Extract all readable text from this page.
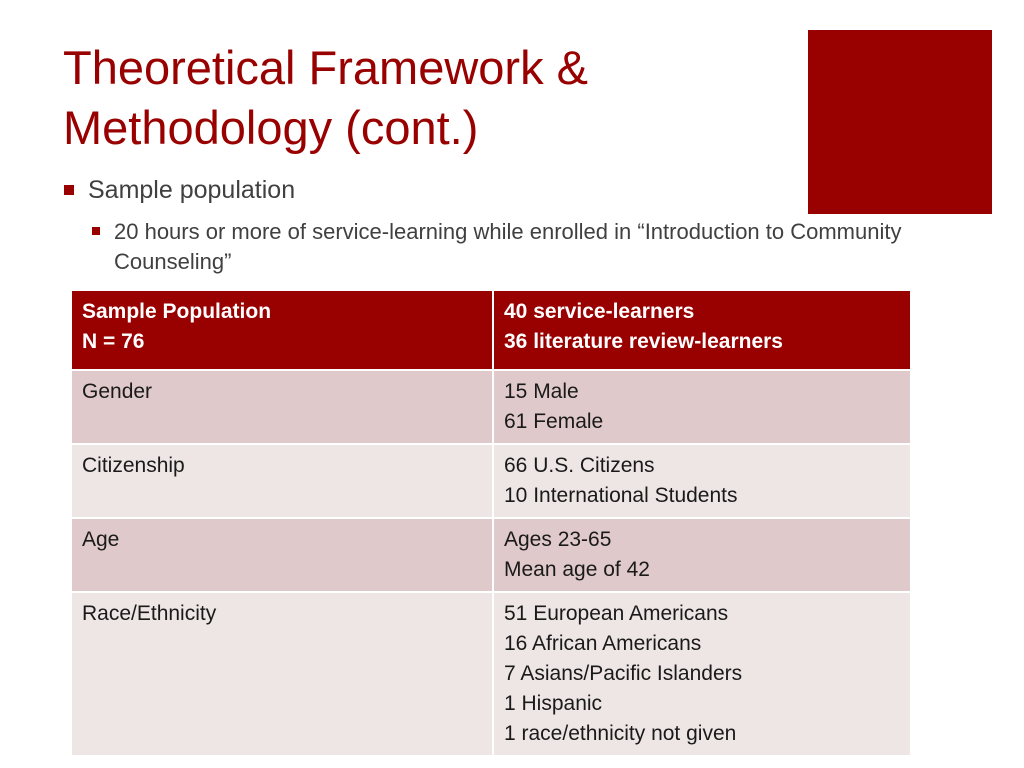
Theoretical Framework &
Methodology (cont.)
Sample population
20 hours or more of service-learning while enrolled in “Introduction to Community Counseling”
Sample Population
N = 76	40 service-learners
36 literature review-learners

Gender	15 Male
61 Female

Citizenship	66 U.S. Citizens
10 International Students

Age	Ages 23-65
Mean age of 42

Race/Ethnicity	51 European Americans
16 African Americans
7 Asians/Pacific Islanders
1 Hispanic
1 race/ethnicity not given
